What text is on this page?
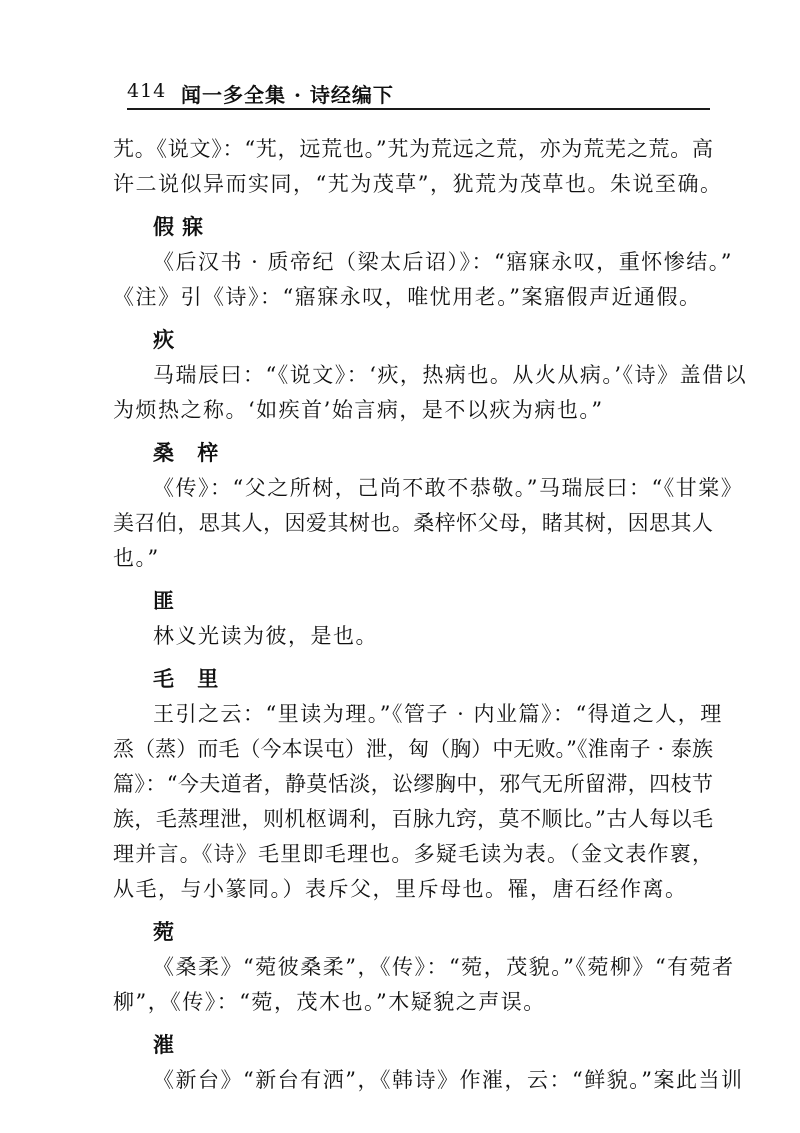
414 闻一多全集 · 诗经编下

艽。《说文》：“艽，远荒也。”艽为荒远之荒，亦为荒芜之荒。高

许二说似异而实同，“艽为茂草”，犹荒为茂草也。朱说至确。

假寐

《后汉书 · 质帝纪（梁太后诏）》：“寤寐永叹，重怀惨结。”

《注》引《诗》：“寤寐永叹，唯忧用老。”案寤假声近通假。

疢

马瑞辰曰：“《说文》：‘疢，热病也。从火从病。’《诗》盖借以

为烦热之称。‘如疾首’始言病，是不以疢为病也。”

桑 梓

《传》：“父之所树，己尚不敢不恭敬。”马瑞辰曰：“《甘棠》

美召伯，思其人，因爱其树也。桑梓怀父母，睹其树，因思其人

也。”

匪

林义光读为彼，是也。

毛 里

王引之云：“里读为理。”《管子 · 内业篇》：“得道之人，理

烝（蒸）而毛（今本误屯）泄，匈（胸）中无败。”《淮南子 · 泰族

篇》：“今夫道者，静莫恬淡，讼缪胸中，邪气无所留滞，四枝节

族，毛蒸理泄，则机枢调利，百脉九窍，莫不顺比。”古人每以毛

理并言。《诗》毛里即毛理也。多疑毛读为表。（金文表作褱，

从毛，与小篆同。）表斥父，里斥母也。罹，唐石经作离。

菀

《桑柔》“菀彼桑柔”，《传》：“菀，茂貌。”《菀柳》“有菀者

柳”，《传》：“菀，茂木也。”木疑貌之声误。

漼

《新台》“新台有洒”，《韩诗》作漼，云：“鲜貌。”案此当训
